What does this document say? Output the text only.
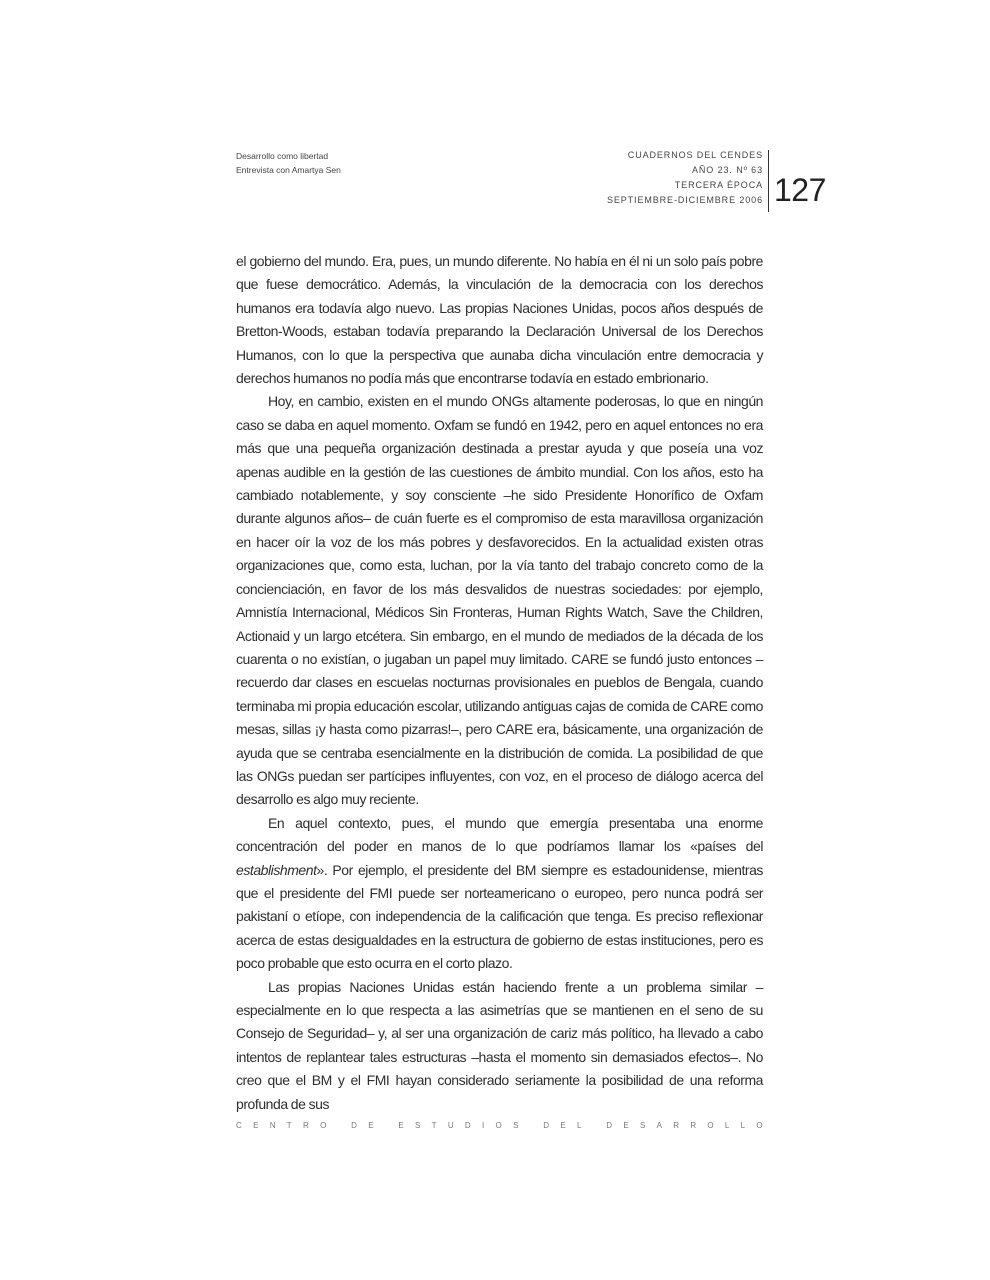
Desarrollo como libertad
Entrevista con Amartya Sen
CUADERNOS DEL CENDES
AÑO 23. Nº 63
TERCERA ÉPOCA
SEPTIEMBRE-DICIEMBRE 2006 127

el gobierno del mundo. Era, pues, un mundo diferente. No había en él ni un solo país pobre que fuese democrático. Además, la vinculación de la democracia con los derechos humanos era todavía algo nuevo. Las propias Naciones Unidas, pocos años después de Bretton-Woods, estaban todavía preparando la Declaración Universal de los Derechos Humanos, con lo que la perspectiva que aunaba dicha vinculación entre democracia y derechos humanos no podía más que encontrarse todavía en estado embrionario.

Hoy, en cambio, existen en el mundo ONGs altamente poderosas, lo que en ningún caso se daba en aquel momento. Oxfam se fundó en 1942, pero en aquel entonces no era más que una pequeña organización destinada a prestar ayuda y que poseía una voz apenas audible en la gestión de las cuestiones de ámbito mundial. Con los años, esto ha cambiado notablemente, y soy consciente –he sido Presidente Honorífico de Oxfam durante algunos años– de cuán fuerte es el compromiso de esta maravillosa organización en hacer oír la voz de los más pobres y desfavorecidos. En la actualidad existen otras organizaciones que, como esta, luchan, por la vía tanto del trabajo concreto como de la concienciación, en favor de los más desvalidos de nuestras sociedades: por ejemplo, Amnistía Internacional, Médicos Sin Fronteras, Human Rights Watch, Save the Children, Actionaid y un largo etcétera. Sin embargo, en el mundo de mediados de la década de los cuarenta o no existían, o jugaban un papel muy limitado. CARE se fundó justo entonces –recuerdo dar clases en escuelas nocturnas provisionales en pueblos de Bengala, cuando terminaba mi propia educación escolar, utilizando antiguas cajas de comida de CARE como mesas, sillas ¡y hasta como pizarras!–, pero CARE era, básicamente, una organización de ayuda que se centraba esencialmente en la distribución de comida. La posibilidad de que las ONGs puedan ser partícipes influyentes, con voz, en el proceso de diálogo acerca del desarrollo es algo muy reciente.

En aquel contexto, pues, el mundo que emergía presentaba una enorme concentración del poder en manos de lo que podríamos llamar los «países del establishment». Por ejemplo, el presidente del BM siempre es estadounidense, mientras que el presidente del FMI puede ser norteamericano o europeo, pero nunca podrá ser pakistaní o etíope, con independencia de la calificación que tenga. Es preciso reflexionar acerca de estas desigualdades en la estructura de gobierno de estas instituciones, pero es poco probable que esto ocurra en el corto plazo.

Las propias Naciones Unidas están haciendo frente a un problema similar –especialmente en lo que respecta a las asimetrías que se mantienen en el seno de su Consejo de Seguridad– y, al ser una organización de cariz más político, ha llevado a cabo intentos de replantear tales estructuras –hasta el momento sin demasiados efectos–. No creo que el BM y el FMI hayan considerado seriamente la posibilidad de una reforma profunda de sus

C E N T R O
	D E
	E S T U D I O S
	D E L
	D E S A R R O L L O
